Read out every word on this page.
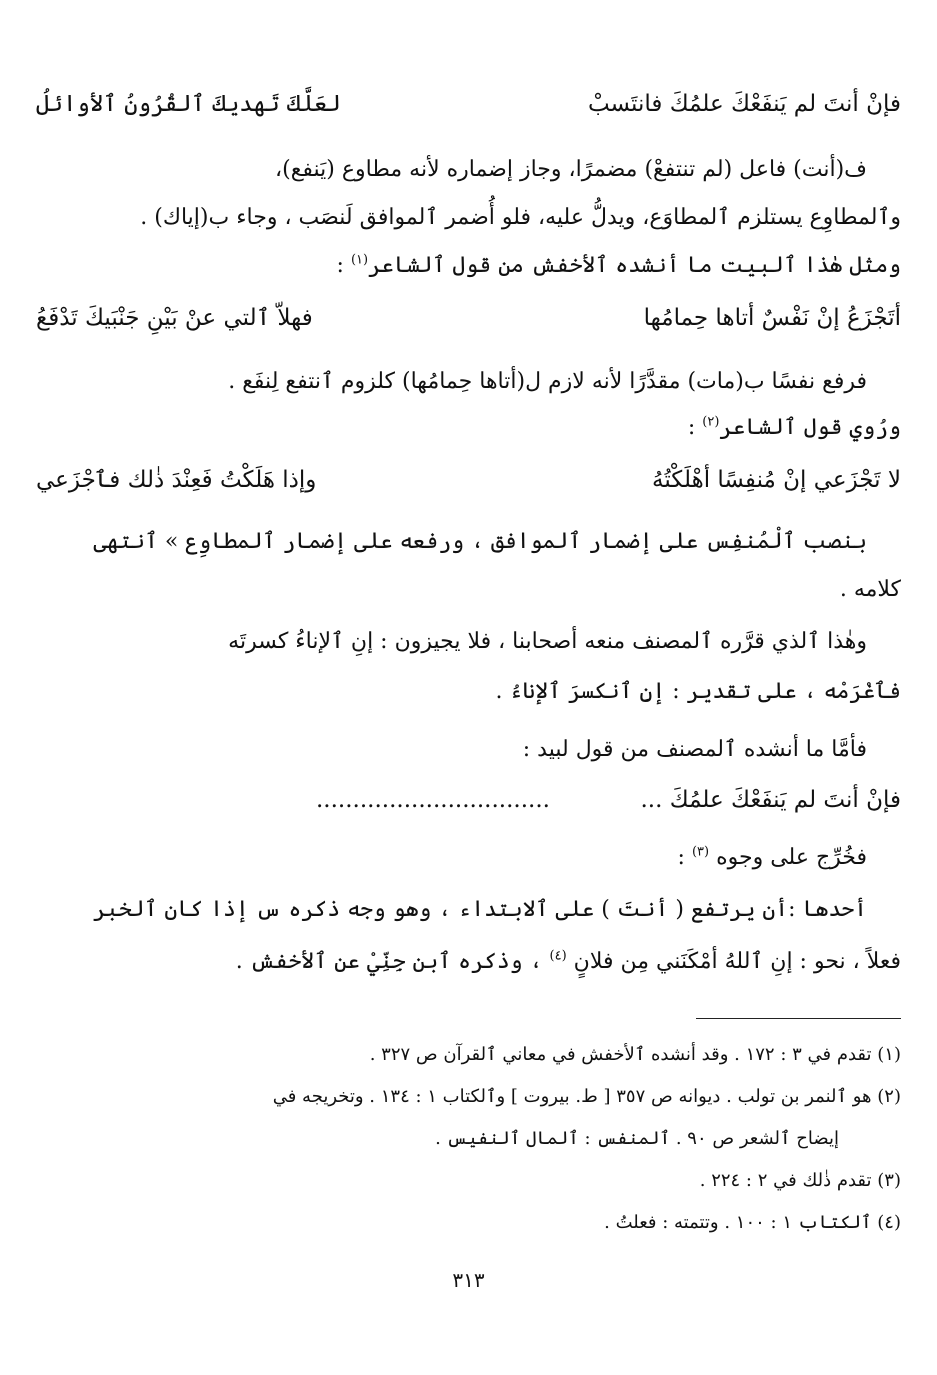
فإنْ أنتَ لم يَنفَعْكَ علمُكَ فانتَسبْ
لعَلَّكَ تَهديكَ ٱلقُرُونُ ٱلأوائلُ
ف(أنت) فاعل (لم تنتفعْ) مضمرًا، وجاز إضماره لأنه مطاوع (يَنفع)،
وٱلمطاوِع يستلزم ٱلمطاوَع، ويدلُّ عليه، فلو أُضمر ٱلموافق لَنصَب ، وجاء ب(إياك) .
ومثل هٰذا ٱلبيت ما أنشده ٱلأخفش من قول ٱلشاعر$^{(١)}$ :
أتَجْزَعُ إنْ نَفْسٌ أتاها حِمامُها
فهلاّ ٱلتي عنْ بَيْنِ جَنْبَيكَ تَدْفَعُ
فرفع نفسًا ب(مات) مقدَّرًا لأنه لازم ل(أتاها حِمامُها) كلزوم ٱنتفع لِنفَع .
ورُوي قول ٱلشاعر$^{(٢)}$ :
لا تَجْزَعي إنْ مُنفِسًا أهْلَكْتُهُ
وإذا هَلَكْتُ فَعِنْدَ ذٰلك فٱجْزَعي
بنصب ٱلْمُنفِس على إضمار ٱلموافق ، ورفعه على إضمار ٱلمطاوِع » ٱنتهى
كلامه .
وهٰذا ٱلذي قرَّره ٱلمصنف منعه أصحابنا ، فلا يجيزون : إنِ ٱلإناءُ كسرتَه
فٱغْرَمْه ، على تقدير : إنِ ٱنكسرَ ٱلإناءُ .
فأمَّا ما أنشده ٱلمصنف من قول لبيد :
فإنْ أنتَ لم يَنفَعْكَ علمُكَ ...
................................
فخُرِّج على وجوه $^{(٣)}$ :
أحدها :أن يرتفع ( أنتَ ) على ٱلابتداء ، وهو وجه ذكره س إذا كان ٱلخبر
فعلاً ، نحو : إنِ ٱللهُ أمْكَنَني مِن فلانٍ $^{(٤)}$ ، وذكره ٱبن جِنِّيْ عن ٱلأخفش .
(١) تقدم في ٣ : ١٧٢ . وقد أنشده ٱلأخفش في معاني ٱلقرآن ص ٣٢٧ .
(٢) هو ٱلنمر بن تولب . ديوانه ص ٣٥٧ [ ط. بيروت ] وٱلكتاب ١ : ١٣٤ . وتخريجه في
إيضاح ٱلشعر ص ٩٠ . ٱلمنفس : ٱلمال ٱلنفيس .
(٣) تقدم ذٰلك في ٢ : ٢٢٤ .
(٤) ٱلكتاب ١ : ١٠٠ . وتتمته : فعلتُ .
٣١٣
